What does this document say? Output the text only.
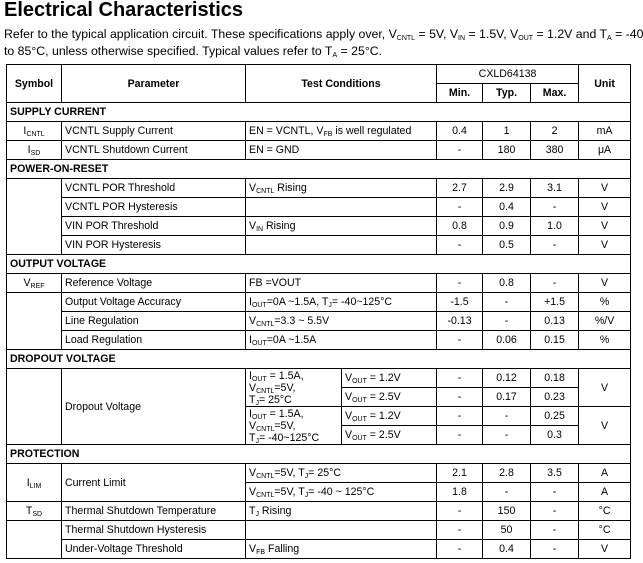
Electrical Characteristics

Refer to the typical application circuit. These specifications apply over, $V_{CNTL} = 5V$, $V_{IN} = 1.5V$, $V_{OUT} = 1.2V$ and $T_A = -40$

to 85°C, unless otherwise specified. Typical values refer to $T_A = 25^\circ C$.

Symbol	Parameter	Test Conditions		CXLD64138			Unit
				Min.	Typ.	Max.	
SUPPLY CURRENT							
$I_{CNTL}$	VCNTL Supply Current	EN = VCNTL, $V_{FB}$ is well regulated		0.4	1	2	mA
$I_{SD}$	VCNTL Shutdown Current	EN = GND		-	180	380	μA
POWER-ON-RESET							
	VCNTL POR Threshold	$V_{CNTL}$ Rising		2.7	2.9	3.1	V
	VCNTL POR Hysteresis			-	0.4	-	V
	VIN POR Threshold	$V_{IN}$ Rising		0.8	0.9	1.0	V
	VIN POR Hysteresis			-	0.5	-	V
OUTPUT VOLTAGE							
$V_{REF}$	Reference Voltage	FB =VOUT		-	0.8	-	V
	Output Voltage Accuracy	$I_{OUT}=0A$ ~1.5A, $T_J=$ -40~125°C		-1.5	-	+1.5	%
	Line Regulation	$V_{CNTL}=3.3$ ~ 5.5V		-0.13	-	0.13	%/V
	Load Regulation	$I_{OUT}=0A$ ~1.5A		-	0.06	0.15	%
DROPOUT VOLTAGE							
	Dropout Voltage	$I_{OUT} = 1.5A$,
$V_{CNTL}=5V$,
$T_J= 25^\circ C$	$V_{OUT} = 1.2V$	-	0.12	0.18	V
			$V_{OUT} = 2.5V$	-	0.17	0.23	
		$I_{OUT} = 1.5A$,
$V_{CNTL}=5V$,
$T_J=$ -40~125°C	$V_{OUT} = 1.2V$	-	-	0.25	V
			$V_{OUT} = 2.5V$	-	-	0.3	
PROTECTION							
$I_{LIM}$	Current Limit	$V_{CNTL}=5V$, $T_J= 25^\circ C$		2.1	2.8	3.5	A
		$V_{CNTL}=5V$, $T_J= -40$ ~ 125°C		1.8	-	-	A
$T_{SD}$	Thermal Shutdown Temperature	$T_J$ Rising		-	150	-	°C
	Thermal Shutdown Hysteresis			-	50	-	°C
	Under-Voltage Threshold	$V_{FB}$ Falling		-	0.4	-	V
